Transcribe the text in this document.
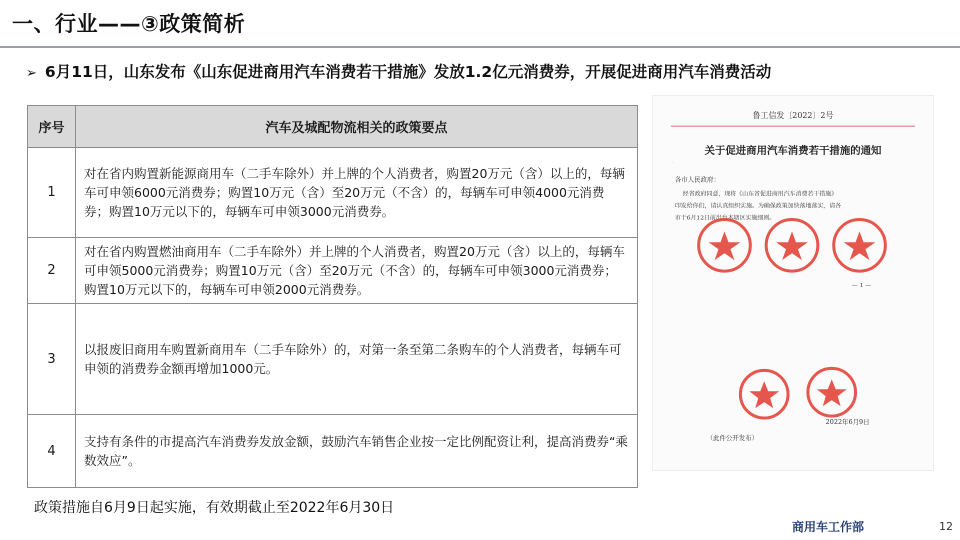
一、行业——③政策简析
➢ 6月11日，山东发布《山东促进商用汽车消费若干措施》发放1.2亿元消费券，开展促进商用汽车消费活动
序号	汽车及城配物流相关的政策要点
1	对在省内购置新能源商用车（二手车除外）并上牌的个人消费者，购置20万元（含）以上的，每辆车可申领6000元消费券；购置10万元（含）至20万元（不含）的，每辆车可申领4000元消费券；购置10万元以下的，每辆车可申领3000元消费券。
2	对在省内购置燃油商用车（二手车除外）并上牌的个人消费者，购置20万元（含）以上的，每辆车可申领5000元消费券；购置10万元（含）至20万元（不含）的，每辆车可申领3000元消费券；购置10万元以下的，每辆车可申领2000元消费券。
3	以报废旧商用车购置新商用车（二手车除外）的，对第一条至第二条购车的个人消费者，每辆车可申领的消费券金额再增加1000元。
4	支持有条件的市提高汽车消费券发放金额，鼓励汽车销售企业按一定比例配资让利，提高消费券“乘数效应”。
政策措施自6月9日起实施，有效期截止至2022年6月30日
·
鲁工信发〔2022〕2号
关于促进商用汽车消费若干措施的通知
各市人民政府：
经省政府同意，现将《山东省促进商用汽车消费若干措施》
印发给你们，请认真组织实施。为确保政策加快落地落实，请各
市于6月12日前出台本辖区实施细则。
— 1 —
2022年6月9日
（此件公开发布）
商用车工作部	12
